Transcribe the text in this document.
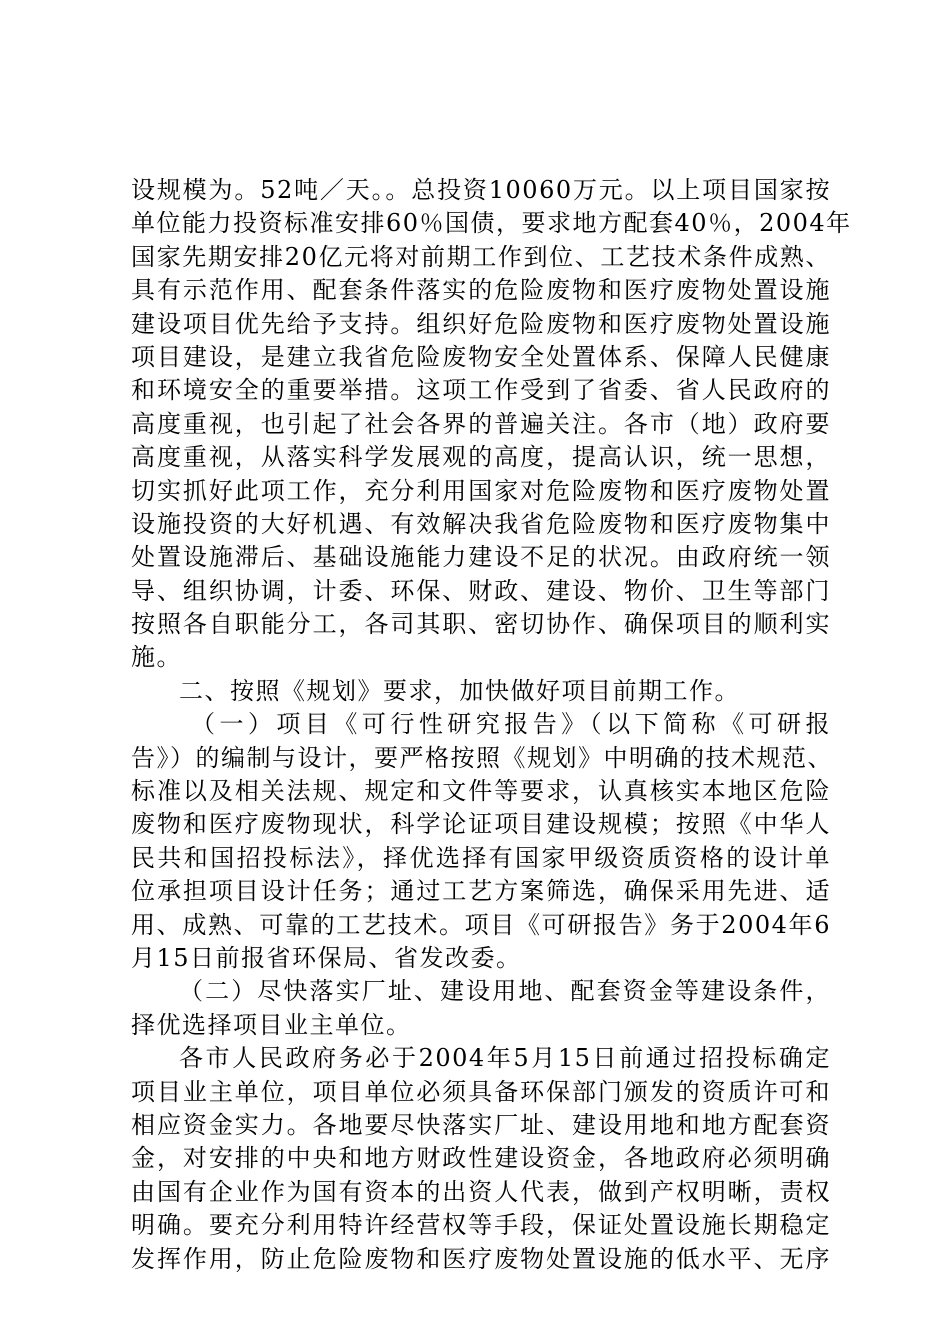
设规模为。52吨／天。。总投资10060万元。以上项目国家按
单位能力投资标准安排60％国债，要求地方配套40％，2004年
国家先期安排20亿元将对前期工作到位、工艺技术条件成熟、
具有示范作用、配套条件落实的危险废物和医疗废物处置设施
建设项目优先给予支持。组织好危险废物和医疗废物处置设施
项目建设，是建立我省危险废物安全处置体系、保障人民健康
和环境安全的重要举措。这项工作受到了省委、省人民政府的
高度重视，也引起了社会各界的普遍关注。各市（地）政府要
高度重视，从落实科学发展观的高度，提高认识，统一思想，
切实抓好此项工作，充分利用国家对危险废物和医疗废物处置
设施投资的大好机遇、有效解决我省危险废物和医疗废物集中
处置设施滞后、基础设施能力建设不足的状况。由政府统一领
导、组织协调，计委、环保、财政、建设、物价、卫生等部门
按照各自职能分工，各司其职、密切协作、确保项目的顺利实
施。
二、按照《规划》要求，加快做好项目前期工作。
（一）项目《可行性研究报告》（以下简称《可研报
告》）的编制与设计，要严格按照《规划》中明确的技术规范、
标准以及相关法规、规定和文件等要求，认真核实本地区危险
废物和医疗废物现状，科学论证项目建设规模；按照《中华人
民共和国招投标法》，择优选择有国家甲级资质资格的设计单
位承担项目设计任务；通过工艺方案筛选，确保采用先进、适
用、成熟、可靠的工艺技术。项目《可研报告》务于2004年6
月15日前报省环保局、省发改委。
（二）尽快落实厂址、建设用地、配套资金等建设条件，
择优选择项目业主单位。
各市人民政府务必于2004年5月15日前通过招投标确定
项目业主单位，项目单位必须具备环保部门颁发的资质许可和
相应资金实力。各地要尽快落实厂址、建设用地和地方配套资
金，对安排的中央和地方财政性建设资金，各地政府必须明确
由国有企业作为国有资本的出资人代表，做到产权明晰，责权
明确。要充分利用特许经营权等手段，保证处置设施长期稳定
发挥作用，防止危险废物和医疗废物处置设施的低水平、无序
